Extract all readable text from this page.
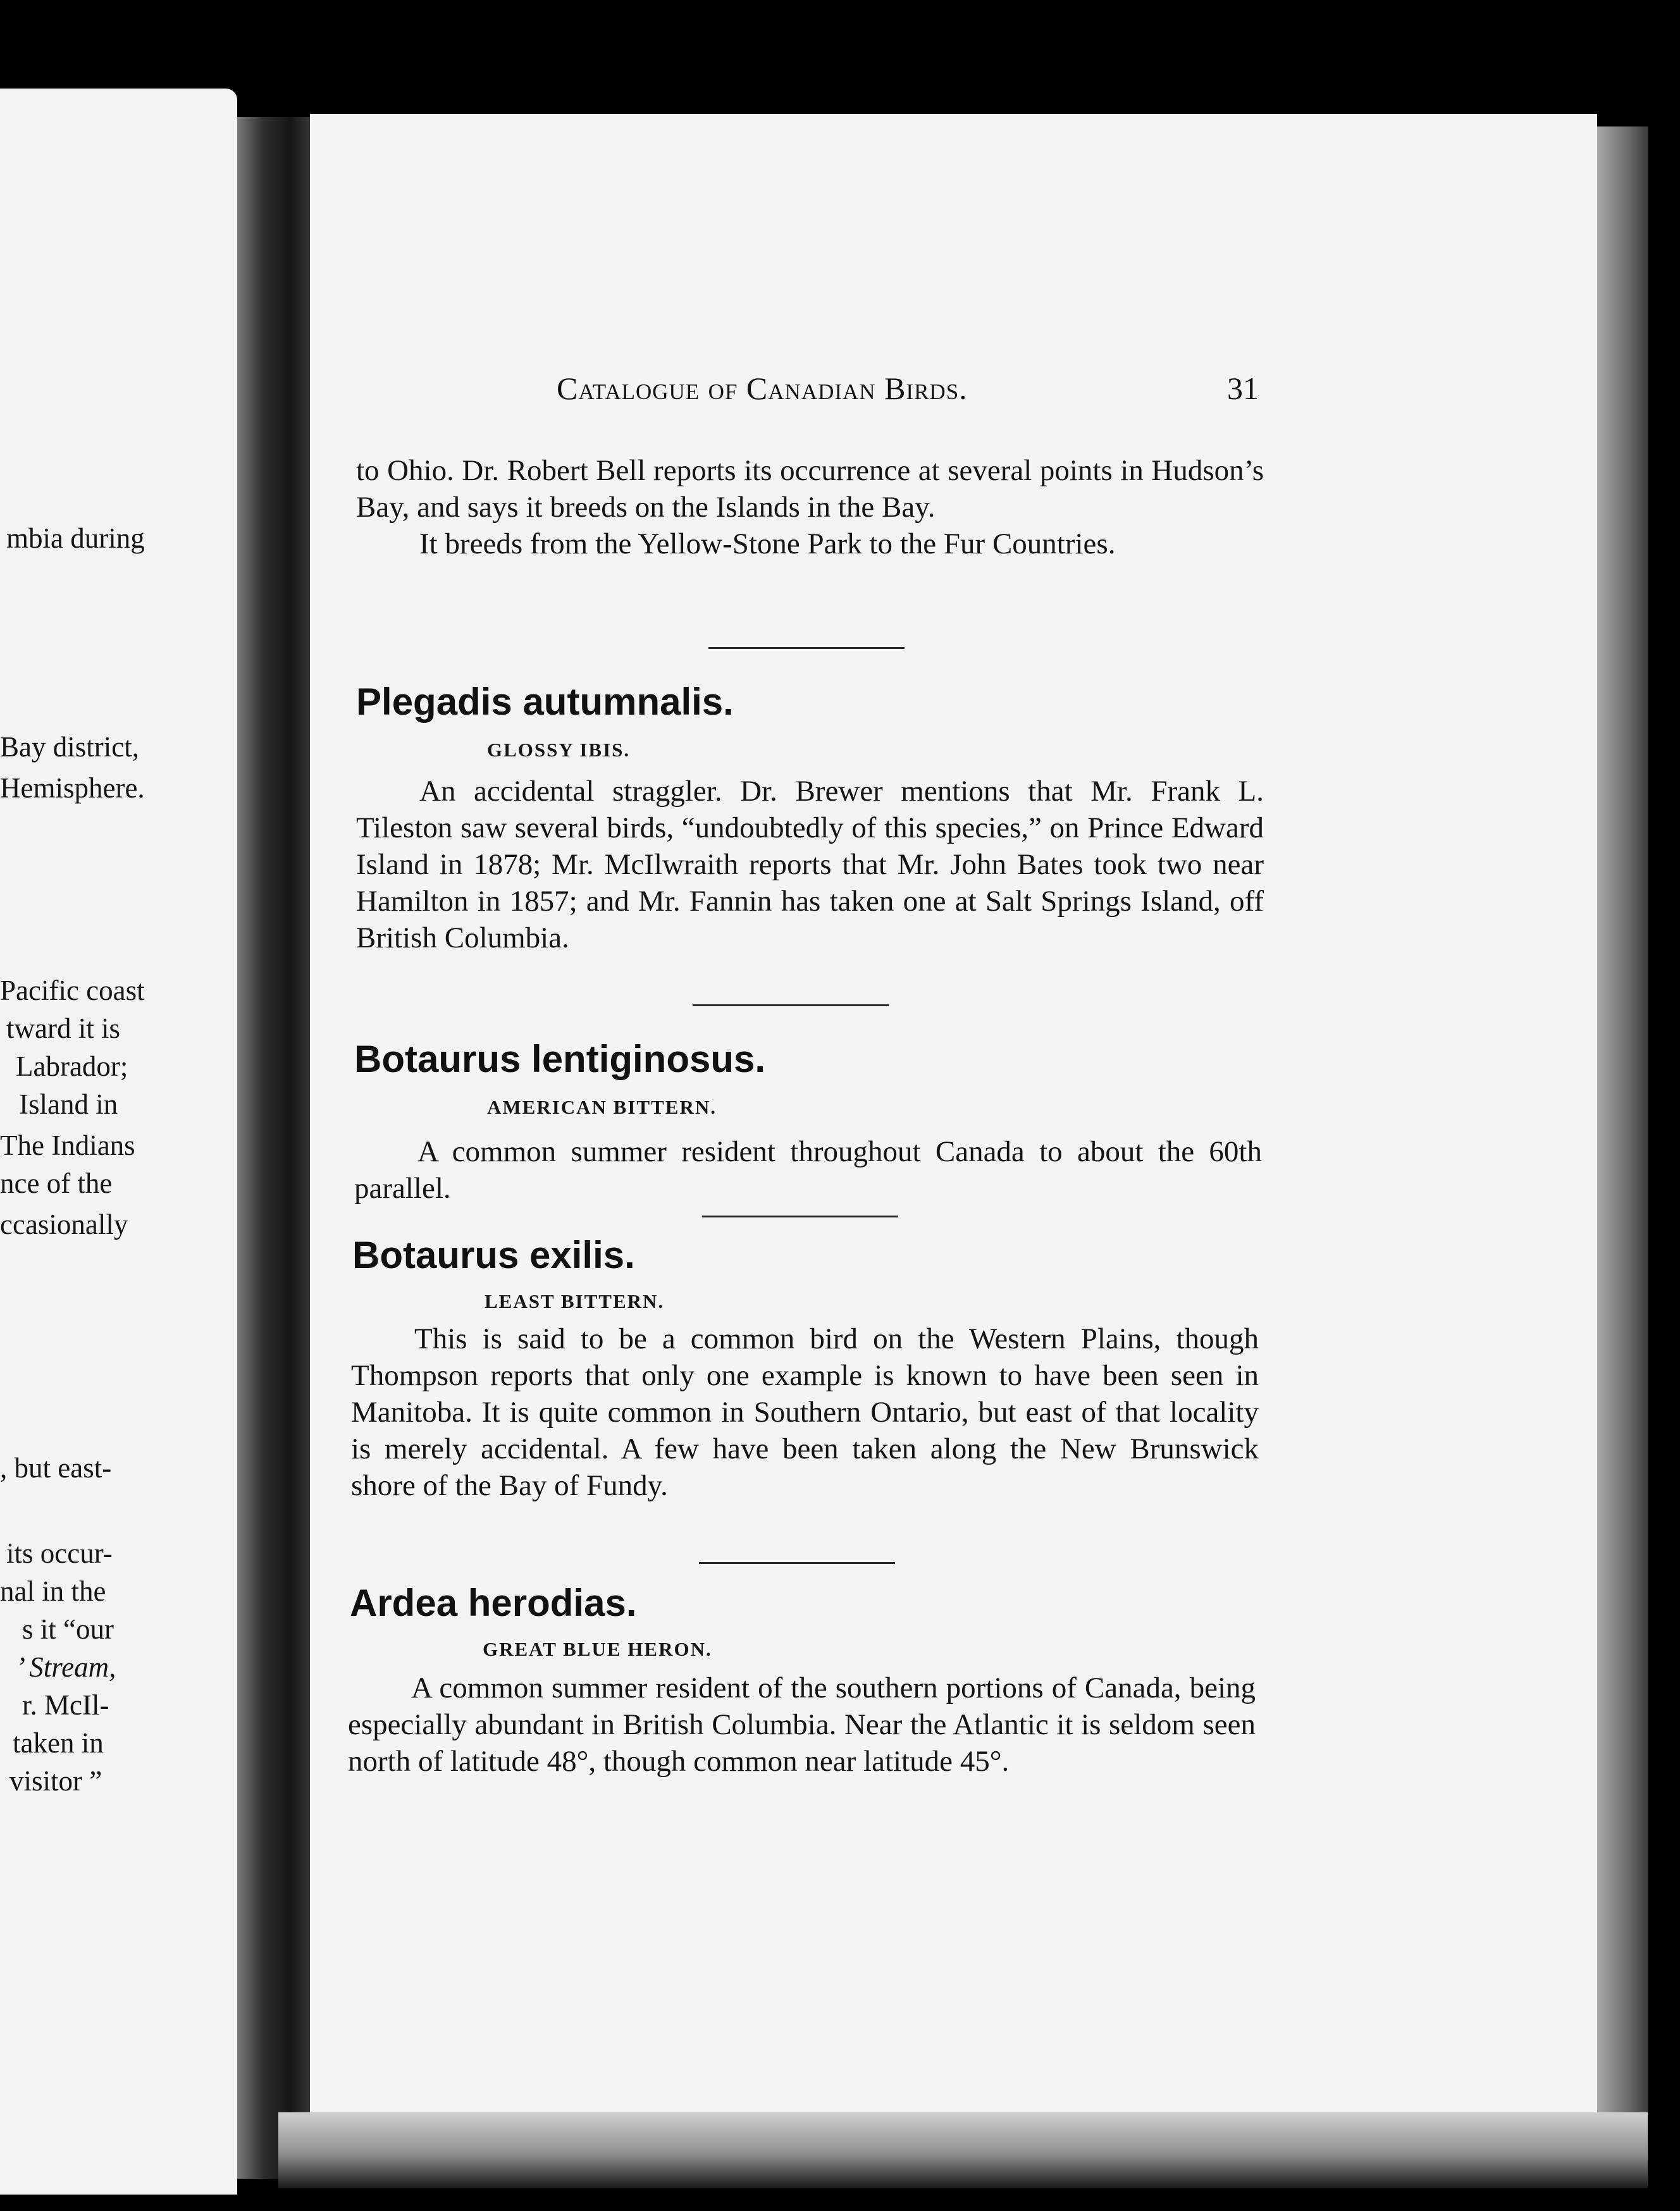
mbia during
Bay district,
Hemisphere.
Pacific coast
tward it is
Labrador;
Island in
The Indians
nce of the
ccasionally
, but east-
its occur-
nal in the
s it “our
’ Stream,
r. McIl-
taken in
visitor ”
Catalogue of Canadian Birds.	31

to Ohio. Dr. Robert Bell reports its occurrence at several points in Hudson’s Bay, and says it breeds on the Islands in the Bay.

It breeds from the Yellow-Stone Park to the Fur Countries.

Plegadis autumnalis.
GLOSSY IBIS.

An accidental straggler. Dr. Brewer mentions that Mr. Frank L. Tileston saw several birds, “undoubtedly of this species,” on Prince Edward Island in 1878; Mr. McIlwraith reports that Mr. John Bates took two near Hamilton in 1857; and Mr. Fannin has taken one at Salt Springs Island, off British Columbia.

Botaurus lentiginosus.
AMERICAN BITTERN.

A common summer resident throughout Canada to about the 60th parallel.

Botaurus exilis.
LEAST BITTERN.

This is said to be a common bird on the Western Plains, though Thompson reports that only one example is known to have been seen in Manitoba. It is quite common in Southern Ontario, but east of that locality is merely accidental. A few have been taken along the New Brunswick shore of the Bay of Fundy.

Ardea herodias.
GREAT BLUE HERON.

A common summer resident of the southern portions of Canada, being especially abundant in British Columbia. Near the Atlantic it is seldom seen north of latitude 48°, though common near latitude 45°.
